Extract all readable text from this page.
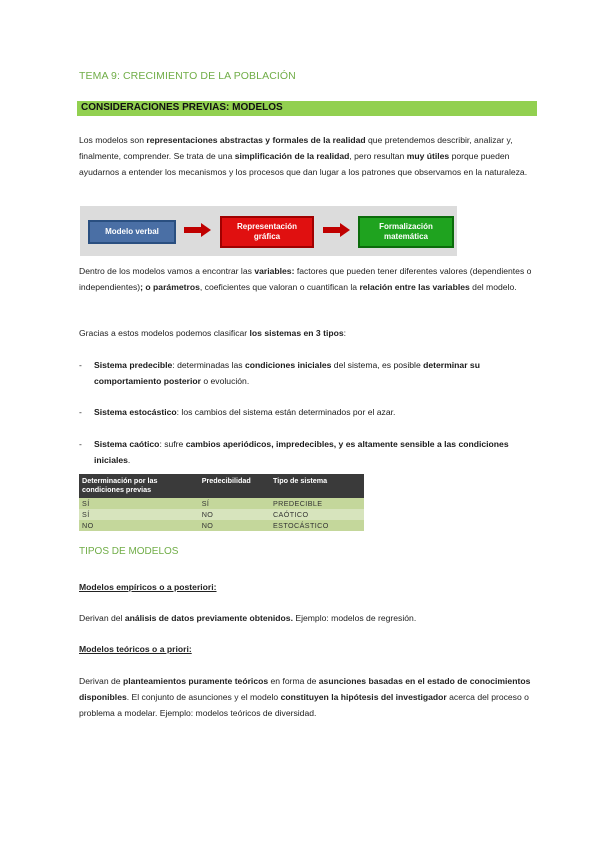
TEMA 9: CRECIMIENTO DE LA POBLACIÓN
CONSIDERACIONES PREVIAS: MODELOS
Los modelos son representaciones abstractas y formales de la realidad que pretendemos describir, analizar y, finalmente, comprender. Se trata de una simplificación de la realidad, pero resultan muy útiles porque pueden ayudarnos a entender los mecanismos y los procesos que dan lugar a los patrones que observamos en la naturaleza.
Modelo verbal
Representación
gráfica
Formalización
matemática
Dentro de los modelos vamos a encontrar las variables: factores que pueden tener diferentes valores (dependientes o independientes); o parámetros, coeficientes que valoran o cuantifican la relación entre las variables del modelo.
Gracias a estos modelos podemos clasificar los sistemas en 3 tipos:
- Sistema predecible: determinadas las condiciones iniciales del sistema, es posible determinar su comportamiento posterior o evolución.
- Sistema estocástico: los cambios del sistema están determinados por el azar.
- Sistema caótico: sufre cambios aperiódicos, impredecibles, y es altamente sensible a las condiciones iniciales.
Determinación por las condiciones previas	Predecibilidad	Tipo de sistema
SÍ	SÍ	PREDECIBLE
SÍ	NO	CAÓTICO
NO	NO	ESTOCÁSTICO
TIPOS DE MODELOS
Modelos empíricos o a posteriori:
Derivan del análisis de datos previamente obtenidos. Ejemplo: modelos de regresión.
Modelos teóricos o a priori:
Derivan de planteamientos puramente teóricos en forma de asunciones basadas en el estado de conocimientos disponibles. El conjunto de asunciones y el modelo constituyen la hipótesis del investigador acerca del proceso o problema a modelar. Ejemplo: modelos teóricos de diversidad.
